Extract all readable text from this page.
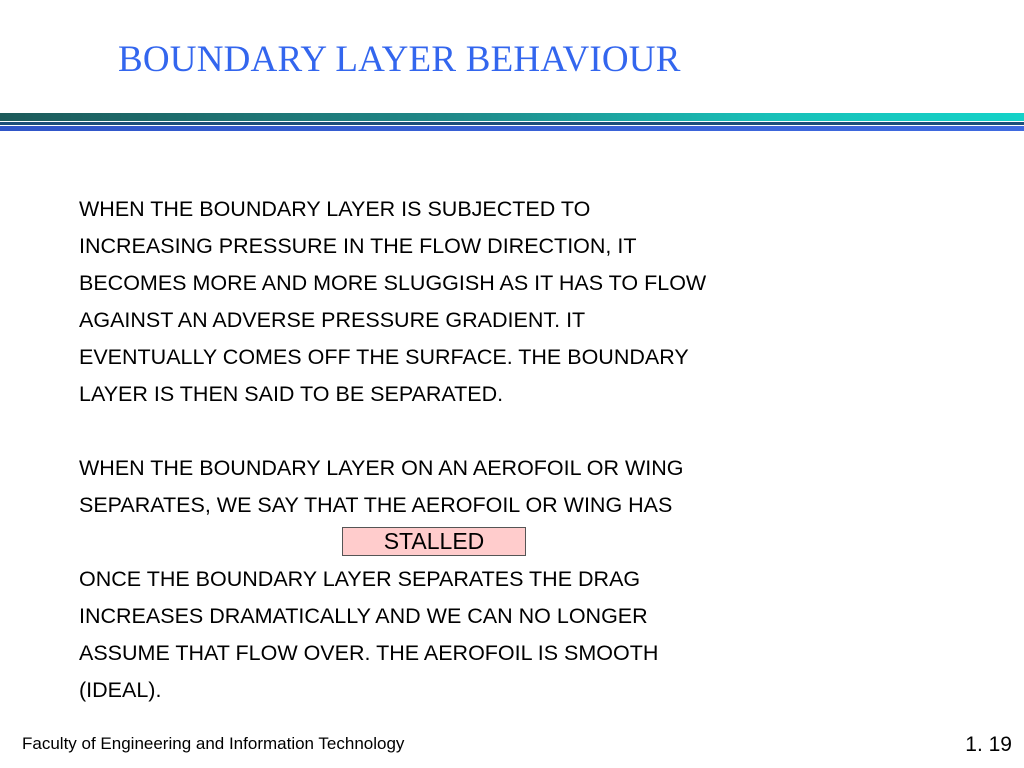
BOUNDARY LAYER BEHAVIOUR

WHEN THE BOUNDARY LAYER IS SUBJECTED TO

INCREASING PRESSURE IN THE FLOW DIRECTION, IT

BECOMES MORE AND MORE SLUGGISH AS IT HAS TO FLOW

AGAINST AN ADVERSE PRESSURE GRADIENT. IT

EVENTUALLY COMES OFF THE SURFACE. THE BOUNDARY

LAYER IS THEN SAID TO BE SEPARATED.

WHEN THE BOUNDARY LAYER ON AN AEROFOIL OR WING

SEPARATES, WE SAY THAT THE AEROFOIL OR WING HAS

STALLED

ONCE THE BOUNDARY LAYER SEPARATES THE DRAG

INCREASES DRAMATICALLY AND WE CAN NO LONGER

ASSUME THAT FLOW OVER. THE AEROFOIL IS SMOOTH

(IDEAL).

Faculty of Engineering and Information Technology	1. 19
